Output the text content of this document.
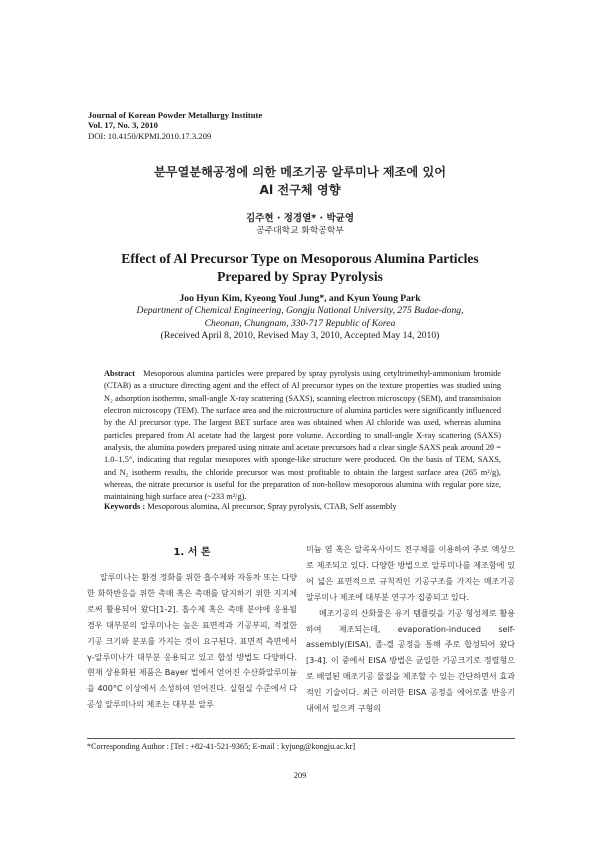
Journal of Korean Powder Metallurgy Institute
Vol. 17, No. 3, 2010
DOI: 10.4150/KPMI.2010.17.3.209
분무열분해공정에 의한 메조기공 알루미나 제조에 있어
Al 전구체 영향
김주현 · 정경열* · 박균영
공주대학교 화학공학부
Effect of Al Precursor Type on Mesoporous Alumina Particles
Prepared by Spray Pyrolysis
Joo Hyun Kim, Kyeong Youl Jung*, and Kyun Young Park
Department of Chemical Engineering, Gongju National University, 275 Budae-dong,
Cheonan, Chungnam, 330-717 Republic of Korea
(Received April 8, 2010, Revised May 3, 2010, Accepted May 14, 2010)
Abstract Mesoporous alumina particles were prepared by spray pyrolysis using cetyltrimethyl-ammonium bromide (CTAB) as a structure directing agent and the effect of Al precursor types on the texture properties was studied using N₂ adsorption isotherms, small-angle X-ray scattering (SAXS), scanning electron microscopy (SEM), and transmission electron microscopy (TEM). The surface area and the microstructure of alumina particles were significantly influenced by the Al precursor type. The largest BET surface area was obtained when Al chloride was used, whereas alumina particles prepared from Al acetate had the largest pore volume. According to small-angle X-ray scattering (SAXS) analysis, the alumina powders prepared using nitrate and acetate precursors had a clear single SAXS peak around 2θ = 1.0–1.5°, indicating that regular mesopores with sponge-like structure were produced. On the basis of TEM, SAXS, and N₂ isotherm results, the chloride precursor was most profitable to obtain the largest surface area (265 m²/g), whereas, the nitrate precursor is useful for the preparation of non-hollow mesoporous alumina with regular pore size, maintaining high surface area (~233 m²/g).
Keywords : Mesoporous alumina, Al precursor, Spray pyrolysis, CTAB, Self assembly
1. 서 론

알루미나는 환경 정화를 위한 흡수제와 자동차 또는 다양한 화학반응을 위한 촉매 혹은 촉매를 담지하기 위한 지지체로써 활용되어 왔다[1-2]. 흡수제 혹은 촉매 분야에 응용될 경우 대부분의 알루미나는 높은 표면적과 기공부피, 적절한 기공 크기와 분포를 가지는 것이 요구된다. 표면적 측면에서 γ-알루미나가 대부분 응용되고 있고 합성 방법도 다양하다. 현재 상용화된 제품은 Bayer 법에서 얻어진 수산화알루미늄을 400°C 이상에서 소성하여 얻어진다. 실험실 수준에서 다공성 알루미나의 제조는 대부분 알루

미늄 염 혹은 알콕옥사이드 전구체를 이용하여 주로 액상으로 제조되고 있다. 다양한 방법으로 알루미나를 제조함에 있어 넓은 표면적으로 규칙적인 기공구조를 가지는 메조기공 알루미나 제조에 대부분 연구가 집중되고 있다.

메조기공의 산화물은 유기 템플릿을 기공 형성제로 활용하여 제조되는데, evaporation-induced self-assembly(EISA), 졸-겔 공정을 통해 주로 합성되어 왔다[3-4]. 이 중에서 EISA 방법은 균일한 기공크기로 정렬형으로 배열된 메조기공 물질을 제조할 수 있는 간단하면서 효과적인 기술이다. 최근 이러한 EISA 공정을 에어로졸 반응기 내에서 일으켜 구형의

*Corresponding Author : [Tel : +82-41-521-9365; E-mail : kyjung@kongju.ac.kr]
209
